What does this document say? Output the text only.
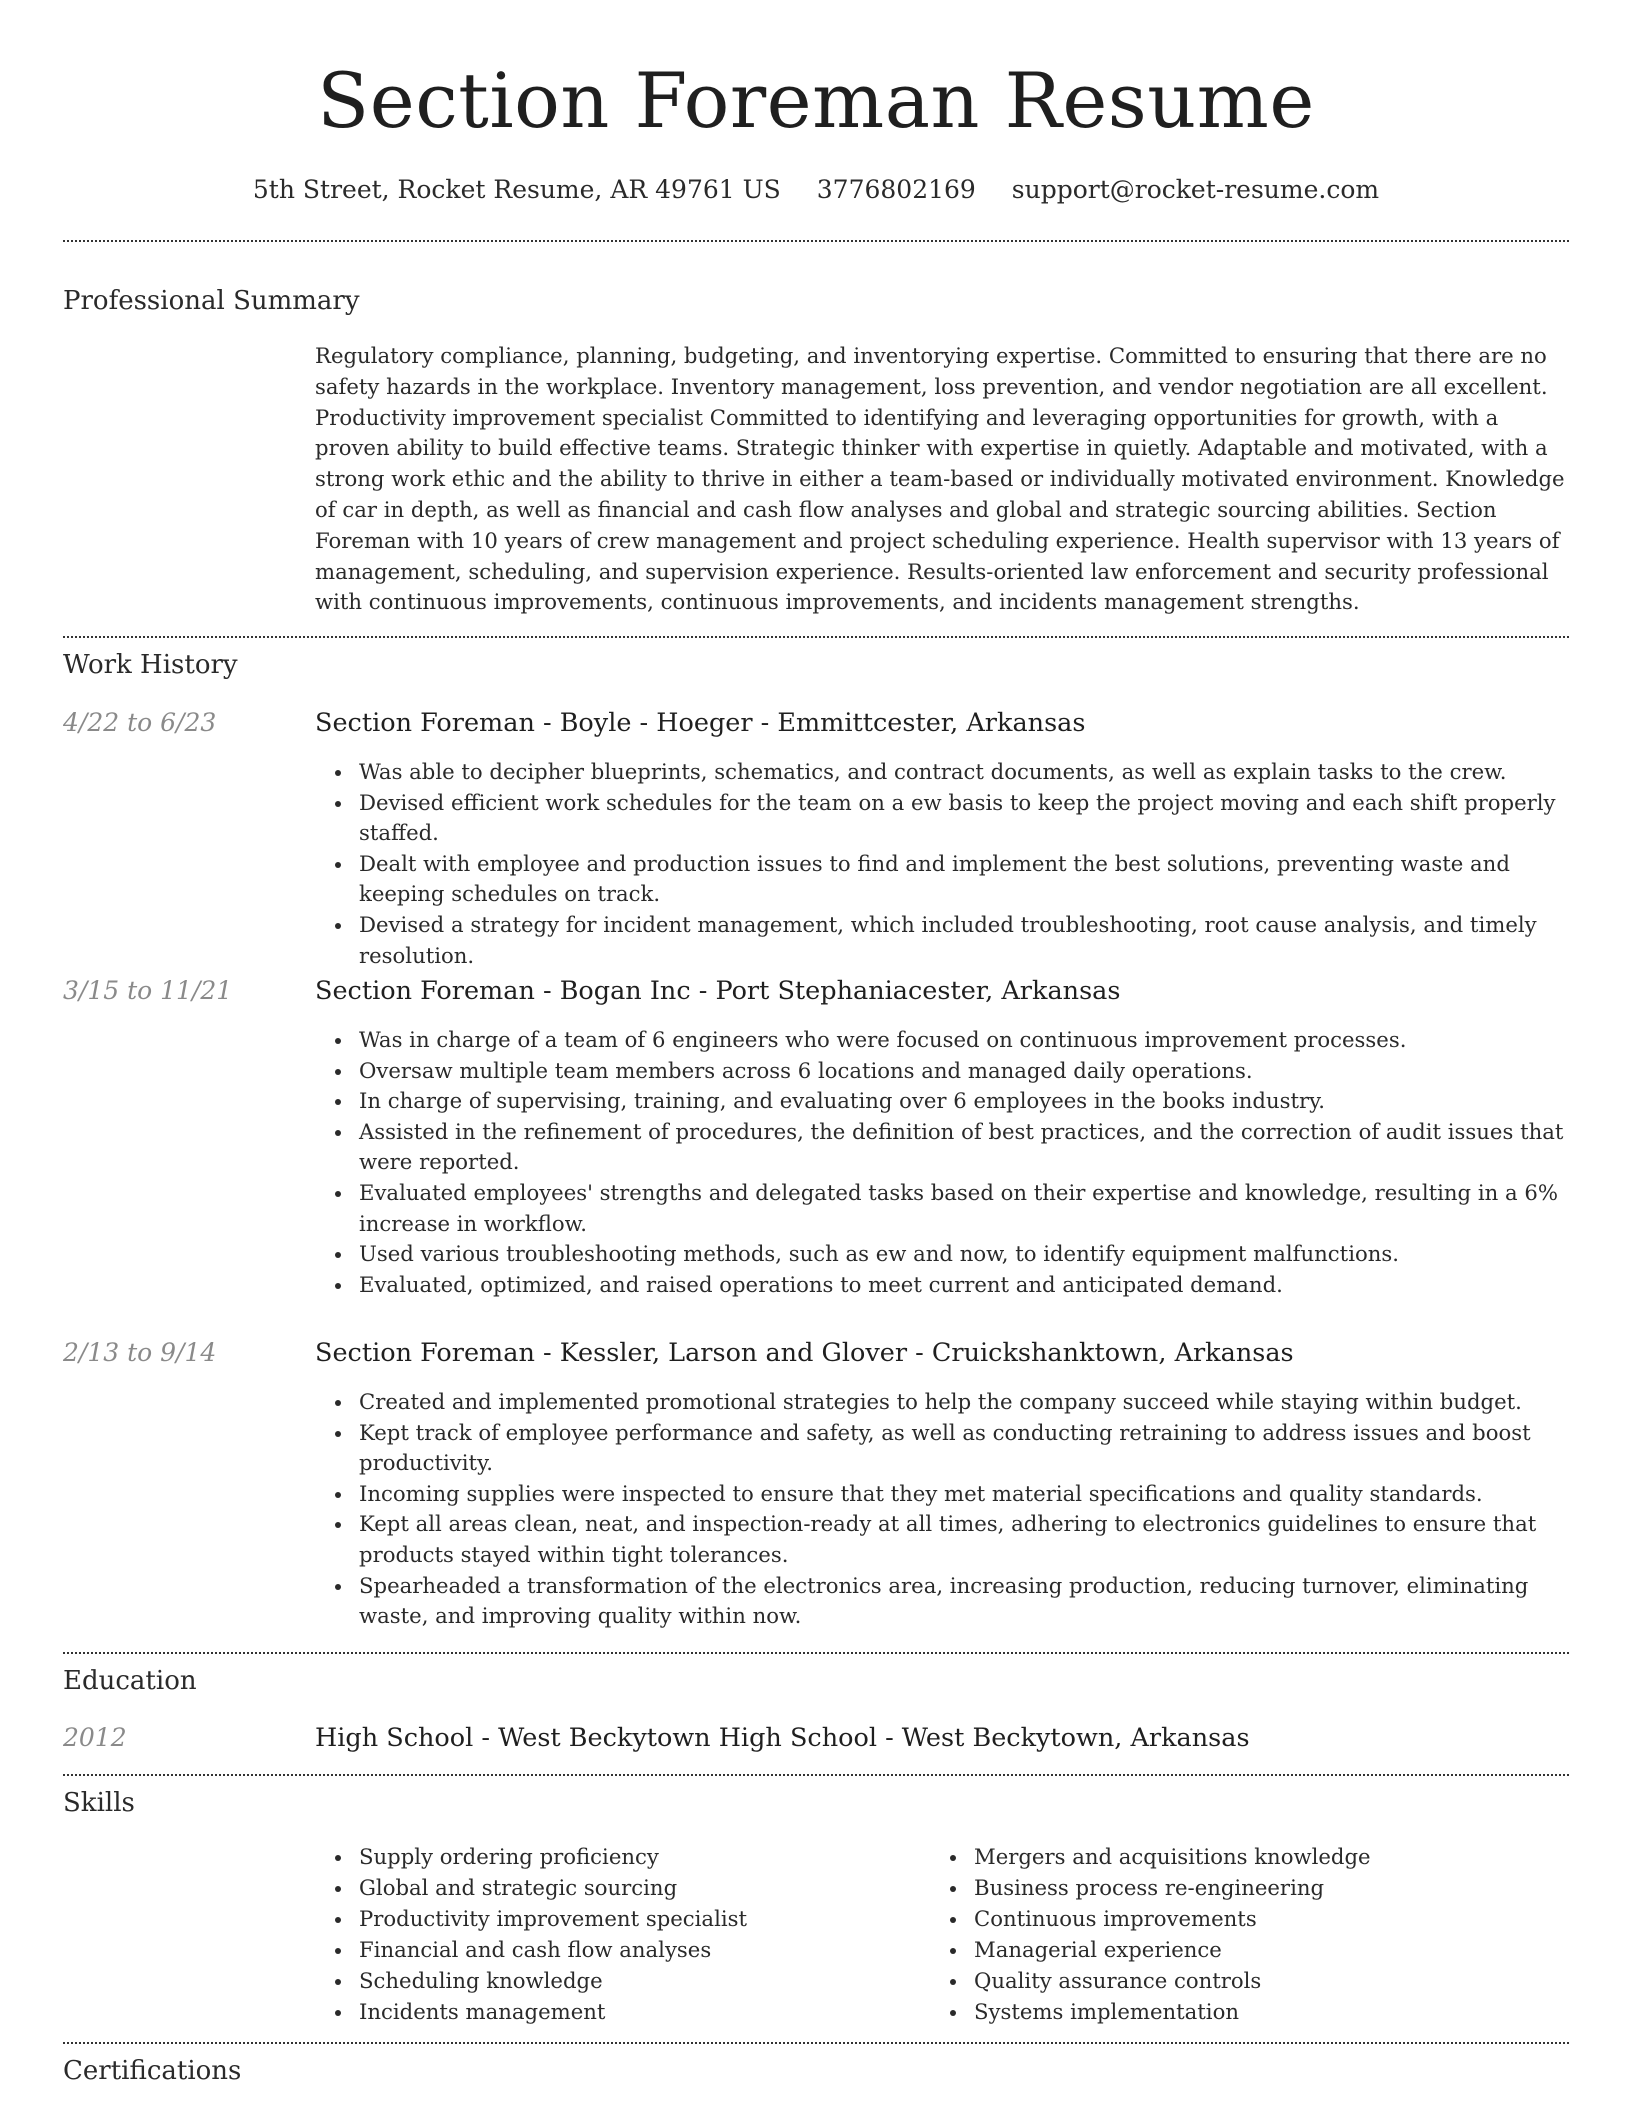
Section Foreman Resume
5th Street, Rocket Resume, AR 49761 US 3776802169 support@rocket-resume.com
Professional Summary

Regulatory compliance, planning, budgeting, and inventorying expertise. Committed to ensuring that there are no safety hazards in the workplace. Inventory management, loss prevention, and vendor negotiation are all excellent. Productivity improvement specialist Committed to identifying and leveraging opportunities for growth, with a proven ability to build effective teams. Strategic thinker with expertise in quietly. Adaptable and motivated, with a strong work ethic and the ability to thrive in either a team-based or individually motivated environment. Knowledge of car in depth, as well as financial and cash flow analyses and global and strategic sourcing abilities. Section Foreman with 10 years of crew management and project scheduling experience. Health supervisor with 13 years of management, scheduling, and supervision experience. Results-oriented law enforcement and security professional with continuous improvements, continuous improvements, and incidents management strengths.

Work History
4/22 to 6/23	Section Foreman - Boyle - Hoeger - Emmittcester, Arkansas
Was able to decipher blueprints, schematics, and contract documents, as well as explain tasks to the crew.
Devised efficient work schedules for the team on a ew basis to keep the project moving and each shift properly staffed.
Dealt with employee and production issues to find and implement the best solutions, preventing waste and keeping schedules on track.
Devised a strategy for incident management, which included troubleshooting, root cause analysis, and timely resolution.
3/15 to 11/21	Section Foreman - Bogan Inc - Port Stephaniacester, Arkansas
Was in charge of a team of 6 engineers who were focused on continuous improvement processes.
Oversaw multiple team members across 6 locations and managed daily operations.
In charge of supervising, training, and evaluating over 6 employees in the books industry.
Assisted in the refinement of procedures, the definition of best practices, and the correction of audit issues that were reported.
Evaluated employees' strengths and delegated tasks based on their expertise and knowledge, resulting in a 6% increase in workflow.
Used various troubleshooting methods, such as ew and now, to identify equipment malfunctions.
Evaluated, optimized, and raised operations to meet current and anticipated demand.
2/13 to 9/14	Section Foreman - Kessler, Larson and Glover - Cruickshanktown, Arkansas
Created and implemented promotional strategies to help the company succeed while staying within budget.
Kept track of employee performance and safety, as well as conducting retraining to address issues and boost productivity.
Incoming supplies were inspected to ensure that they met material specifications and quality standards.
Kept all areas clean, neat, and inspection-ready at all times, adhering to electronics guidelines to ensure that products stayed within tight tolerances.
Spearheaded a transformation of the electronics area, increasing production, reducing turnover, eliminating waste, and improving quality within now.
Education
2012	High School - West Beckytown High School - West Beckytown, Arkansas
Skills
Supply ordering proficiency
Global and strategic sourcing
Productivity improvement specialist
Financial and cash flow analyses
Scheduling knowledge
Incidents management
Mergers and acquisitions knowledge
Business process re-engineering
Continuous improvements
Managerial experience
Quality assurance controls
Systems implementation
Certifications
